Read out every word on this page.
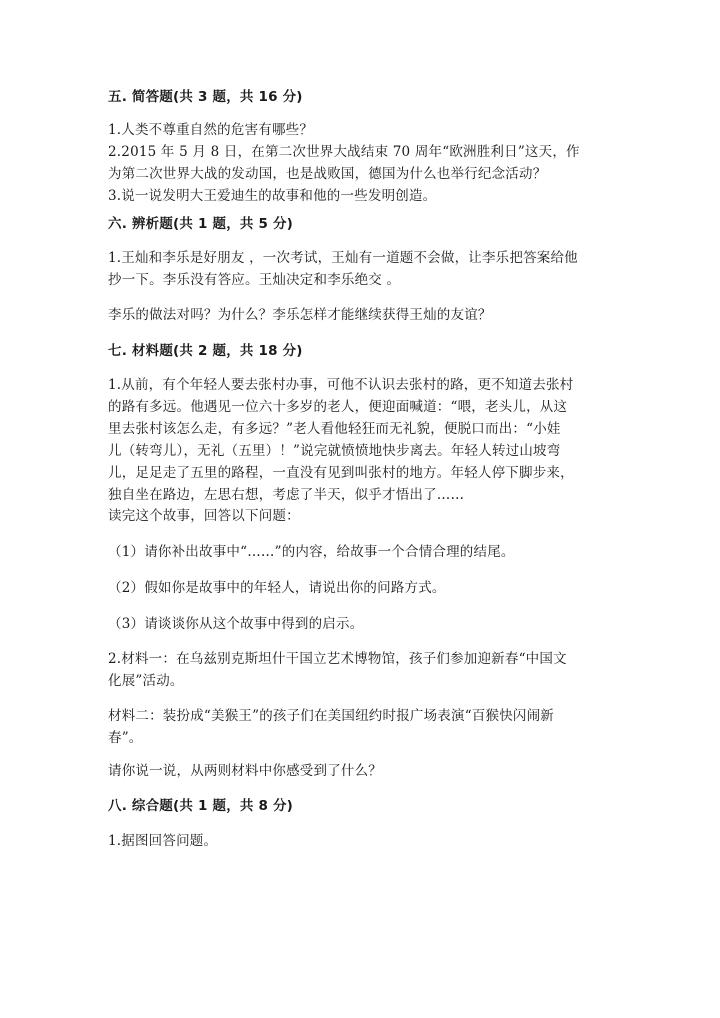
五. 简答题(共 3 题，共 16 分)
1.人类不尊重自然的危害有哪些？
2.2015 年 5 月 8 日，在第二次世界大战结束 70 周年“欧洲胜利日”这天，作
为第二次世界大战的发动国，也是战败国，德国为什么也举行纪念活动？
3.说一说发明大王爱迪生的故事和他的一些发明创造。
六. 辨析题(共 1 题，共 5 分)
1.王灿和李乐是好朋友 ，一次考试，王灿有一道题不会做，让李乐把答案给他
抄一下。李乐没有答应。王灿决定和李乐绝交 。
李乐的做法对吗？为什么？李乐怎样才能继续获得王灿的友谊？
七. 材料题(共 2 题，共 18 分)
1.从前，有个年轻人要去张村办事，可他不认识去张村的路，更不知道去张村
的路有多远。他遇见一位六十多岁的老人，便迎面喊道：“喂，老头儿，从这
里去张村该怎么走，有多远？”老人看他轻狂而无礼貌，便脱口而出：“小娃
儿（转弯儿），无礼（五里）！”说完就愤愤地快步离去。年轻人转过山坡弯
儿，足足走了五里的路程，一直没有见到叫张村的地方。年轻人停下脚步来，
独自坐在路边，左思右想，考虑了半天，似乎才悟出了……
读完这个故事，回答以下问题：
（1）请你补出故事中“……”的内容，给故事一个合情合理的结尾。
（2）假如你是故事中的年轻人，请说出你的问路方式。
（3）请谈谈你从这个故事中得到的启示。
2.材料一：在乌兹别克斯坦什干国立艺术博物馆，孩子们参加迎新春“中国文
化展”活动。
材料二：装扮成“美猴王”的孩子们在美国纽约时报广场表演“百猴快闪闹新
春”。
请你说一说，从两则材料中你感受到了什么？
八. 综合题(共 1 题，共 8 分)
1.据图回答问题。
